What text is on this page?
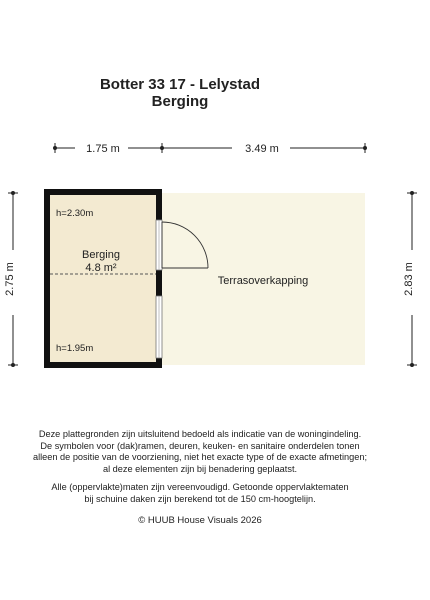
Botter 33 17 - Lelystad
Berging
1.75 m	3.49 m
2.75 m	2.83 m
h=2.30m
Berging
4.8 m²
h=1.95m
Terrasoverkapping
Deze plattegronden zijn uitsluitend bedoeld als indicatie van de woningindeling.
De symbolen voor (dak)ramen, deuren, keuken- en sanitaire onderdelen tonen
alleen de positie van de voorziening, niet het exacte type of de exacte afmetingen;
al deze elementen zijn bij benadering geplaatst.
Alle (oppervlakte)maten zijn vereenvoudigd. Getoonde oppervlaktematen
bij schuine daken zijn berekend tot de 150 cm-hoogtelijn.
© HUUB House Visuals 2026
